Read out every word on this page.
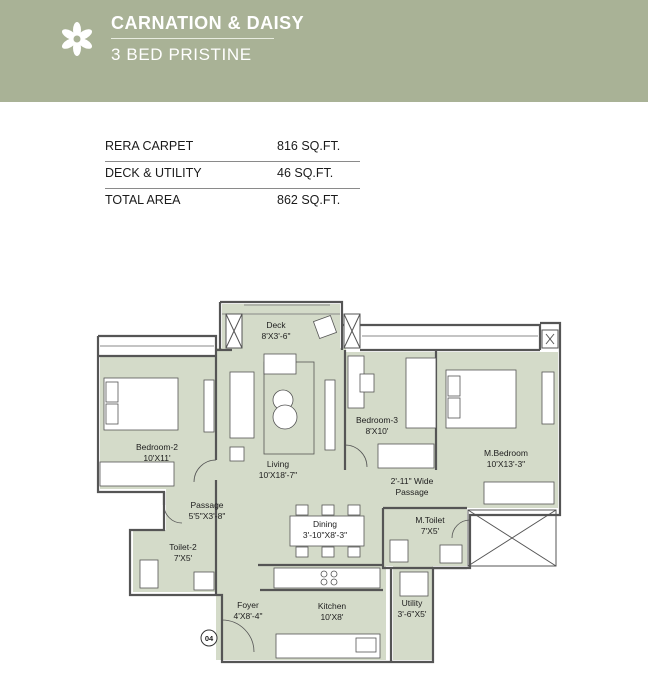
CARNATION & DAISY
3 BED PRISTINE
RERA CARPET	816 SQ.FT.
DECK & UTILITY	46 SQ.FT.
TOTAL AREA	862 SQ.FT.
Deck
8'X3'-6"
Bedroom-2
10'X11'
Living
10'X18'-7"
Bedroom-3
8'X10'
M.Bedroom
10'X13'-3"
2'-11" Wide
Passage
Passage
5'5"X3'-8"
Dining
3'-10"X8'-3"
M.Toilet
7'X5'
Toilet-2
7'X5'
Foyer
4'X8'-4"
Kitchen
10'X8'
Utility
3'-6"X5'
04
